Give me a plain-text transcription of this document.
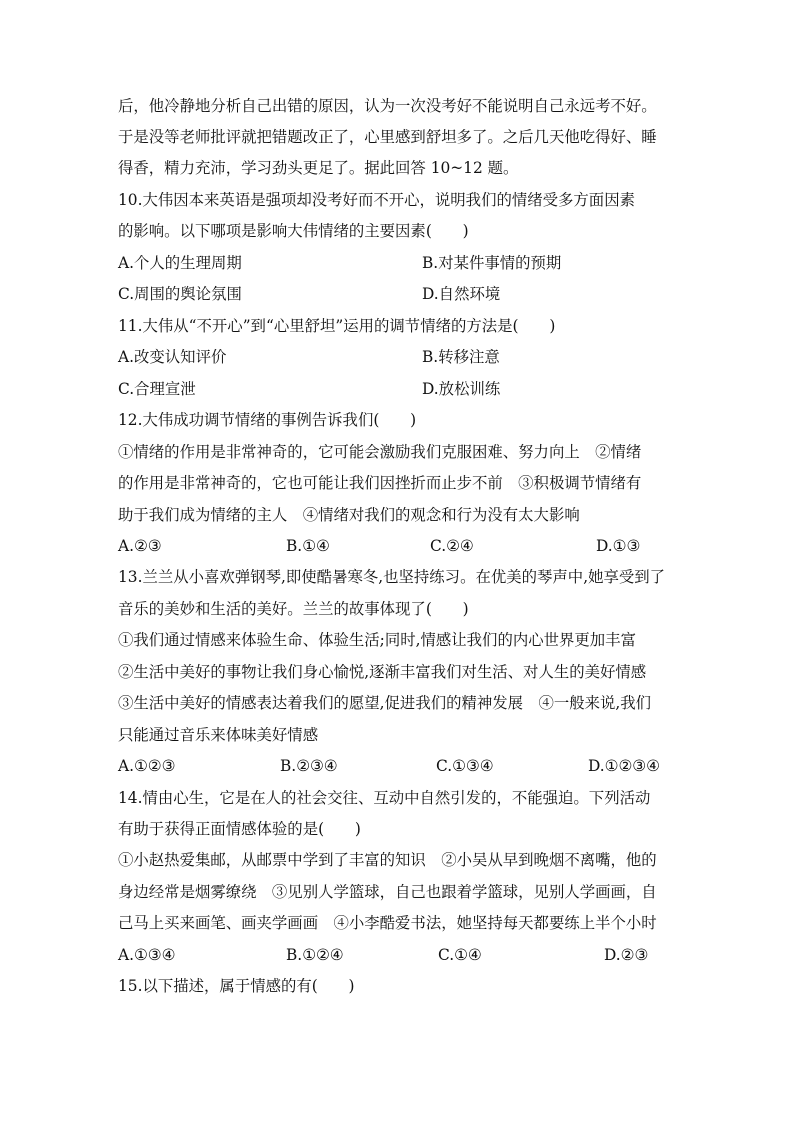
后，他冷静地分析自己出错的原因，认为一次没考好不能说明自己永远考不好。
于是没等老师批评就把错题改正了，心里感到舒坦多了。之后几天他吃得好、睡
得香，精力充沛，学习劲头更足了。据此回答 10~12 题。
10.大伟因本来英语是强项却没考好而不开心，说明我们的情绪受多方面因素
的影响。以下哪项是影响大伟情绪的主要因素(　　)
A.个人的生理周期	B.对某件事情的预期
C.周围的舆论氛围	D.自然环境
11.大伟从“不开心”到“心里舒坦”运用的调节情绪的方法是(　　)
A.改变认知评价	B.转移注意
C.合理宣泄	D.放松训练
12.大伟成功调节情绪的事例告诉我们(　　)
①情绪的作用是非常神奇的，它可能会激励我们克服困难、努力向上　②情绪
的作用是非常神奇的，它也可能让我们因挫折而止步不前　③积极调节情绪有
助于我们成为情绪的主人　④情绪对我们的观念和行为没有太大影响
A.②③	B.①④	C.②④	D.①③
13.兰兰从小喜欢弹钢琴,即使酷暑寒冬,也坚持练习。在优美的琴声中,她享受到了
音乐的美妙和生活的美好。兰兰的故事体现了(　　)
①我们通过情感来体验生命、体验生活;同时,情感让我们的内心世界更加丰富
②生活中美好的事物让我们身心愉悦,逐渐丰富我们对生活、对人生的美好情感
③生活中美好的情感表达着我们的愿望,促进我们的精神发展　④一般来说,我们
只能通过音乐来体味美好情感
A.①②③	B.②③④	C.①③④	D.①②③④
14.情由心生，它是在人的社会交往、互动中自然引发的，不能强迫。下列活动
有助于获得正面情感体验的是(　　)
①小赵热爱集邮，从邮票中学到了丰富的知识　②小吴从早到晚烟不离嘴，他的
身边经常是烟雾缭绕　③见别人学篮球，自己也跟着学篮球，见别人学画画，自
己马上买来画笔、画夹学画画　④小李酷爱书法，她坚持每天都要练上半个小时
A.①③④	B.①②④	C.①④	D.②③
15.以下描述，属于情感的有(　　)
